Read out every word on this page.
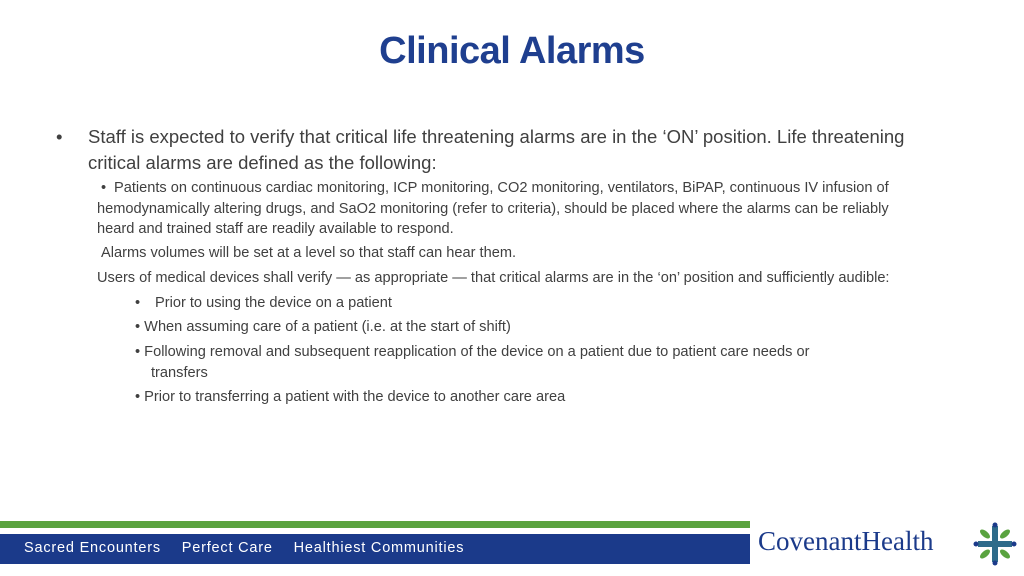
Clinical Alarms
• Staff is expected to verify that critical life threatening alarms are in the ‘ON’ position. Life threatening
critical alarms are defined as the following:
• Patients on continuous cardiac monitoring, ICP monitoring, CO2 monitoring, ventilators, BiPAP, continuous IV infusion of
hemodynamically altering drugs, and SaO2 monitoring (refer to criteria), should be placed where the alarms can be reliably
heard and trained staff are readily available to respond.
Alarms volumes will be set at a level so that staff can hear them.
Users of medical devices shall verify — as appropriate — that critical alarms are in the ‘on’ position and sufficiently audible:
• Prior to using the device on a patient
• When assuming care of a patient (i.e. at the start of shift)
• Following removal and subsequent reapplication of the device on a patient due to patient care needs or
transfers
• Prior to transferring a patient with the device to another care area
Sacred Encounters Perfect Care Healthiest Communities	CovenantHealth
